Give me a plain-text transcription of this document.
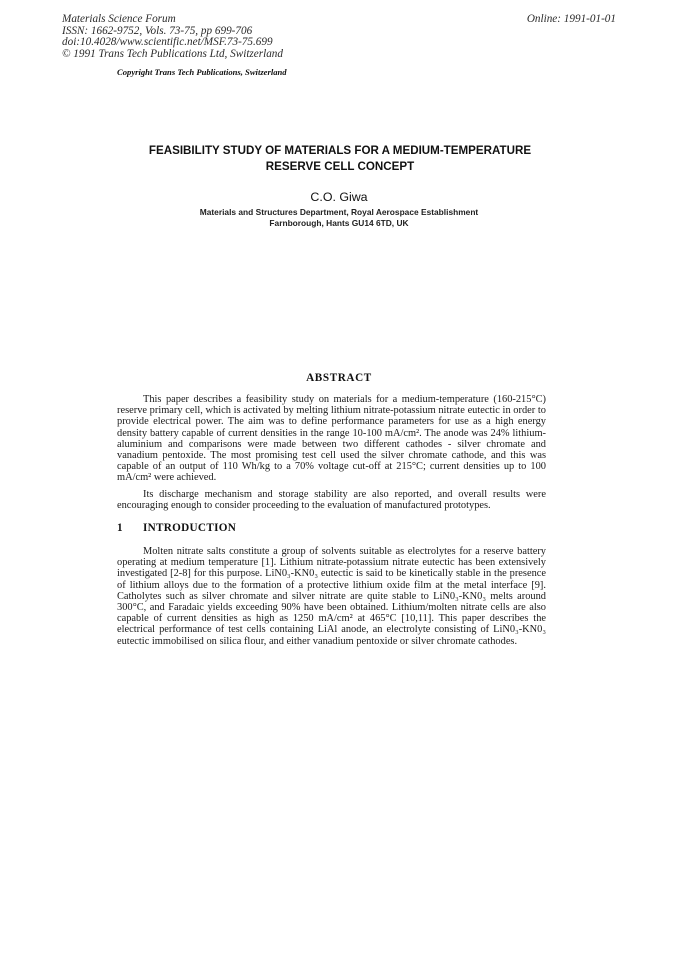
Materials Science Forum
ISSN: 1662-9752, Vols. 73-75, pp 699-706
doi:10.4028/www.scientific.net/MSF.73-75.699
© 1991 Trans Tech Publications Ltd, Switzerland
Online: 1991-01-01
Copyright Trans Tech Publications, Switzerland
FEASIBILITY STUDY OF MATERIALS FOR A MEDIUM-TEMPERATURE
RESERVE CELL CONCEPT
C.O. Giwa
Materials and Structures Department, Royal Aerospace Establishment
Farnborough, Hants GU14 6TD, UK
ABSTRACT

This paper describes a feasibility study on materials for a medium-temperature (160-215°C) reserve primary cell, which is activated by melting lithium nitrate-potassium nitrate eutectic in order to provide electrical power. The aim was to define performance parameters for use as a high energy density battery capable of current densities in the range 10-100 mA/cm². The anode was 24% lithium-aluminium and comparisons were made between two different cathodes - silver chromate and vanadium pentoxide. The most promising test cell used the silver chromate cathode, and this was capable of an output of 110 Wh/kg to a 70% voltage cut-off at 215°C; current densities up to 100 mA/cm² were achieved.

Its discharge mechanism and storage stability are also reported, and overall results were encouraging enough to consider proceeding to the evaluation of manufactured prototypes.

1 INTRODUCTION

Molten nitrate salts constitute a group of solvents suitable as electrolytes for a reserve battery operating at medium temperature [1]. Lithium nitrate-potassium nitrate eutectic has been extensively investigated [2-8] for this purpose. LiN0₃-KN0₃ eutectic is said to be kinetically stable in the presence of lithium alloys due to the formation of a protective lithium oxide film at the metal interface [9]. Catholytes such as silver chromate and silver nitrate are quite stable to LiN0₃-KN0₃ melts around 300°C, and Faradaic yields exceeding 90% have been obtained. Lithium/molten nitrate cells are also capable of current densities as high as 1250 mA/cm² at 465°C [10,11]. This paper describes the electrical performance of test cells containing LiAl anode, an electrolyte consisting of LiN0₃-KN0₃ eutectic immobilised on silica flour, and either vanadium pentoxide or silver chromate cathodes.
